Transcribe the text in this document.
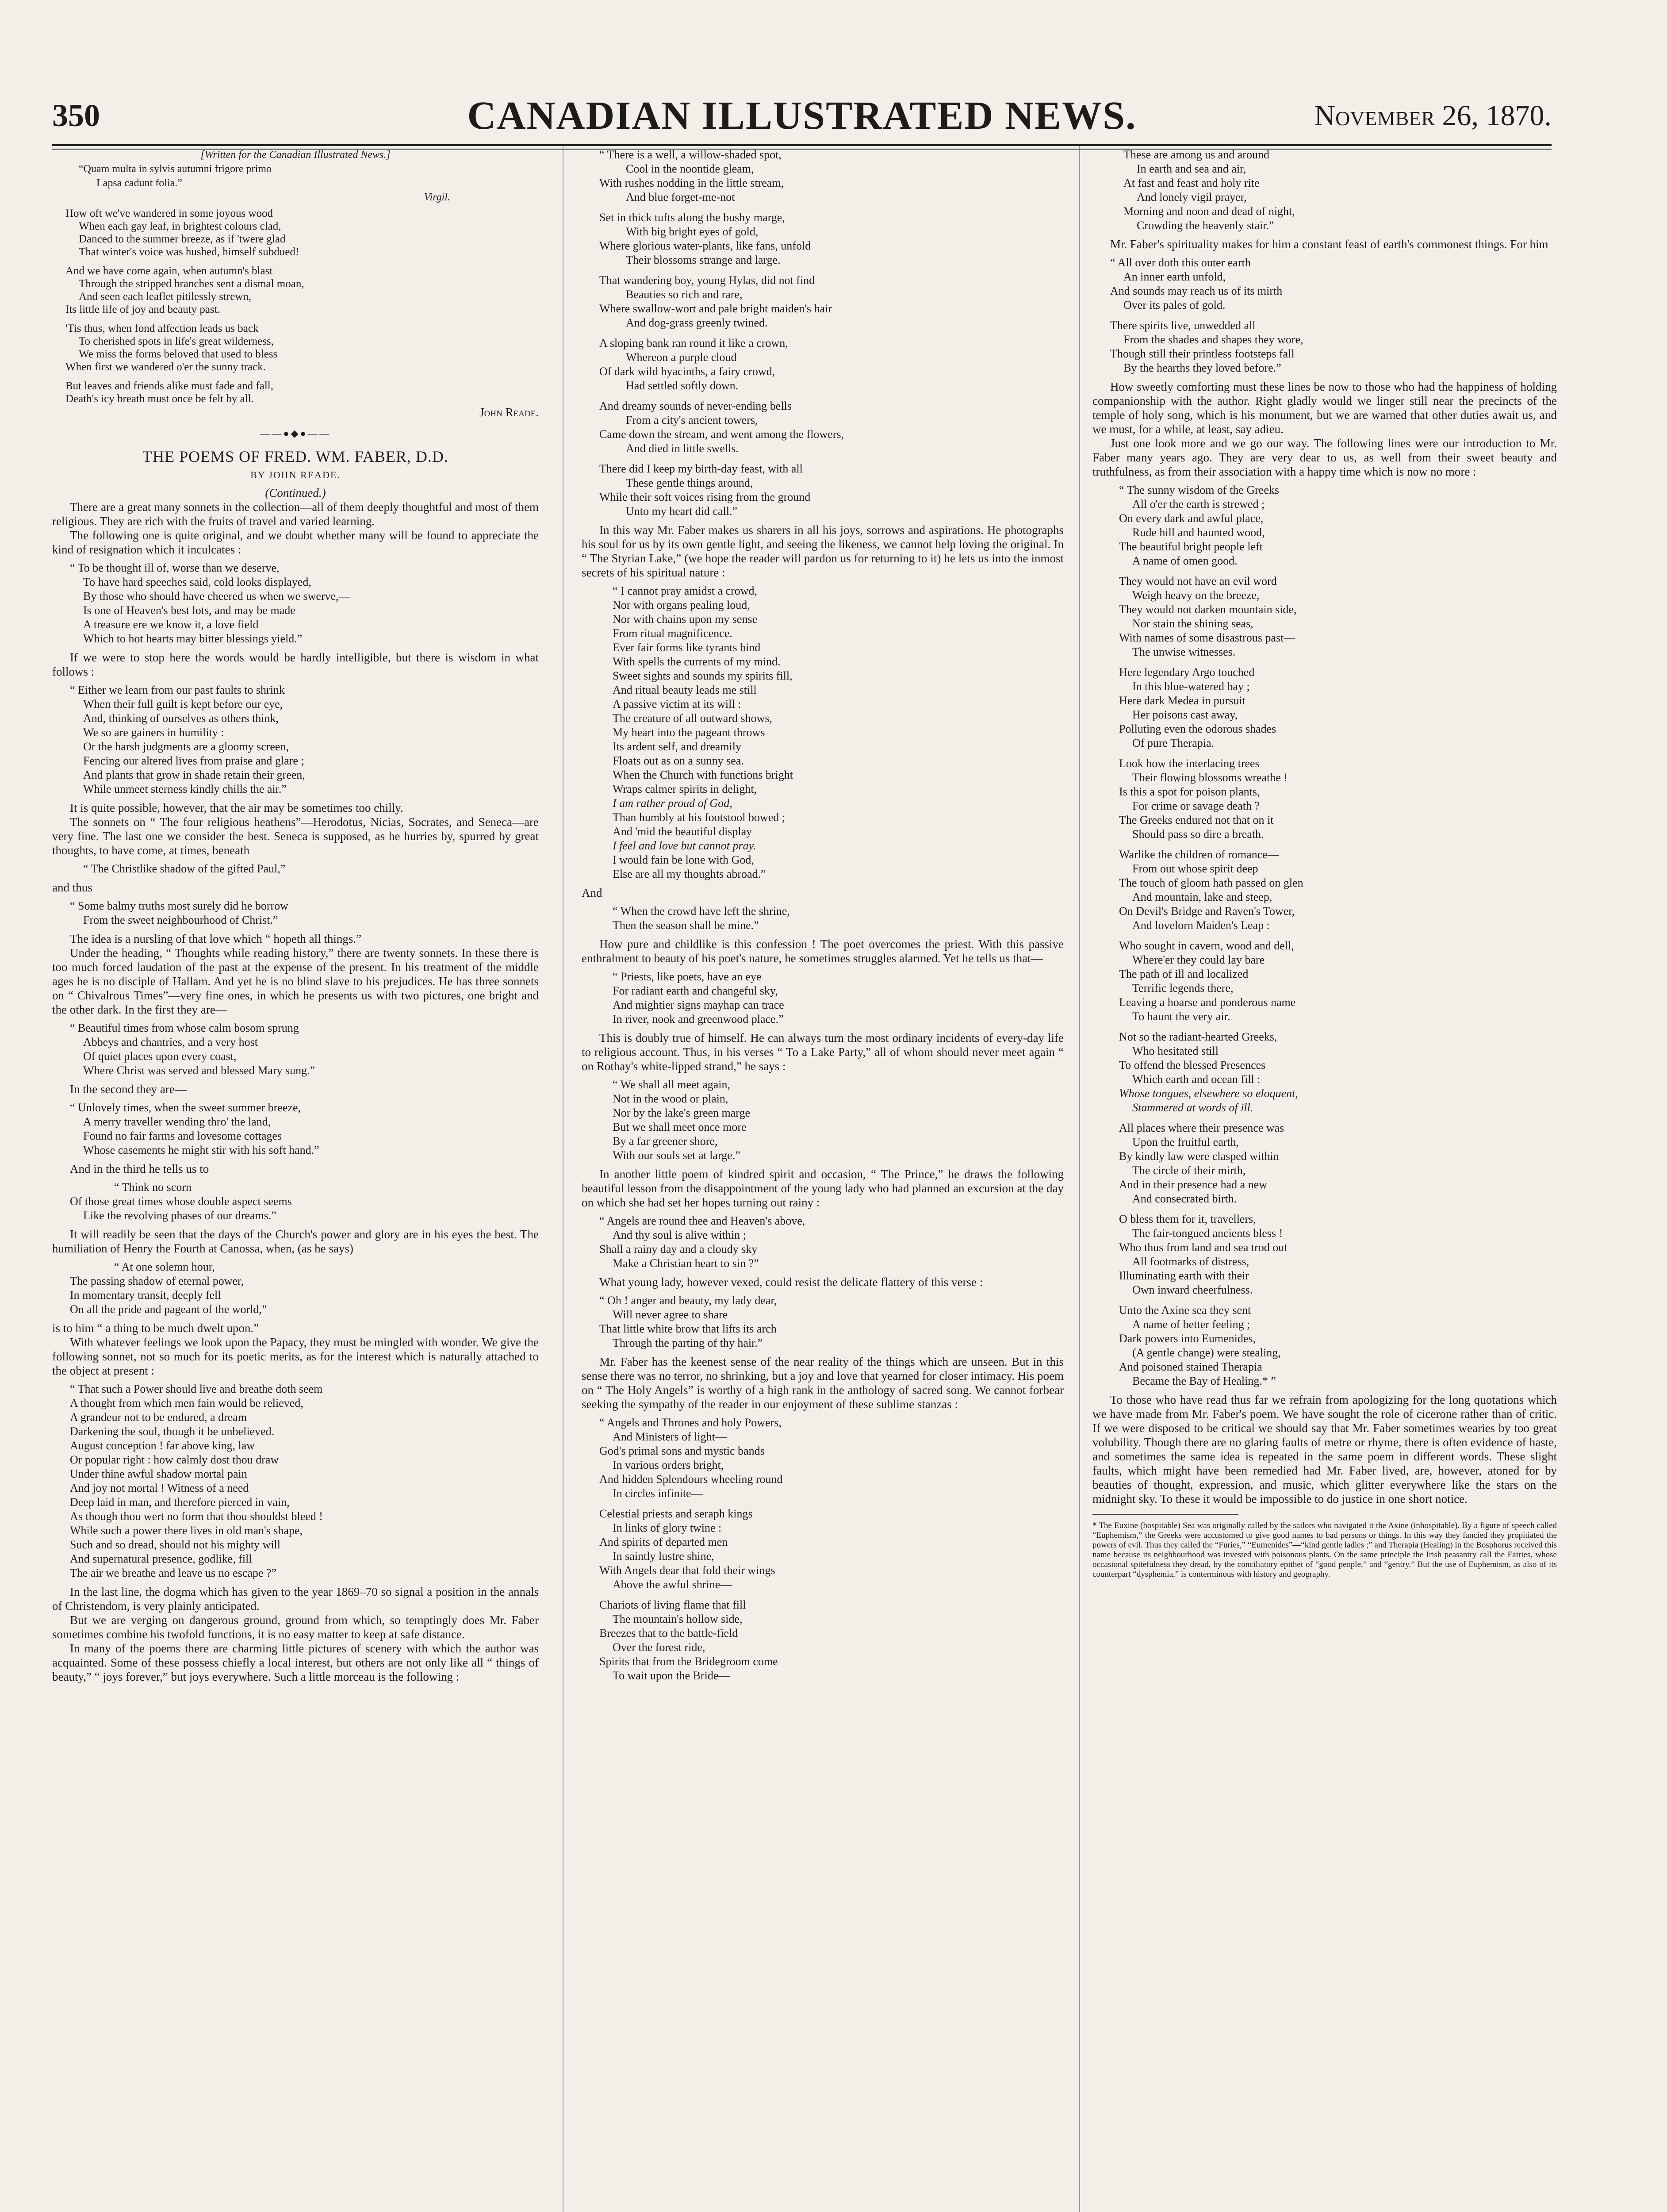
350	CANADIAN ILLUSTRATED NEWS.	November 26, 1870.
[Written for the Canadian Illustrated News.]
“Quam multa in sylvis autumni frigore primo
Lapsa cadunt folia.”
Virgil.
How oft we've wandered in some joyous wood
When each gay leaf, in brightest colours clad,
Danced to the summer breeze, as if 'twere glad
That winter's voice was hushed, himself subdued!
And we have come again, when autumn's blast
Through the stripped branches sent a dismal moan,
And seen each leaflet pitilessly strewn,
Its little life of joy and beauty past.
'Tis thus, when fond affection leads us back
To cherished spots in life's great wilderness,
We miss the forms beloved that used to bless
When first we wandered o'er the sunny track.
But leaves and friends alike must fade and fall,
Death's icy breath must once be felt by all.
John Reade.
——●◆●——
THE POEMS OF FRED. WM. FABER, D.D.
BY JOHN READE.
(Continued.)

There are a great many sonnets in the collection—all of them deeply thoughtful and most of them religious. They are rich with the fruits of travel and varied learning.

The following one is quite original, and we doubt whether many will be found to appreciate the kind of resignation which it inculcates :

“ To be thought ill of, worse than we deserve,
To have hard speeches said, cold looks displayed,
By those who should have cheered us when we swerve,—
Is one of Heaven's best lots, and may be made
A treasure ere we know it, a love field
Which to hot hearts may bitter blessings yield.”

If we were to stop here the words would be hardly intelligible, but there is wisdom in what follows :

“ Either we learn from our past faults to shrink
When their full guilt is kept before our eye,
And, thinking of ourselves as others think,
We so are gainers in humility :
Or the harsh judgments are a gloomy screen,
Fencing our altered lives from praise and glare ;
And plants that grow in shade retain their green,
While unmeet sterness kindly chills the air.”

It is quite possible, however, that the air may be sometimes too chilly.

The sonnets on “ The four religious heathens”—Herodotus, Nicias, Socrates, and Seneca—are very fine. The last one we consider the best. Seneca is supposed, as he hurries by, spurred by great thoughts, to have come, at times, beneath

“ The Christlike shadow of the gifted Paul,”
and thus
“ Some balmy truths most surely did he borrow
From the sweet neighbourhood of Christ.”

The idea is a nursling of that love which “ hopeth all things.”

Under the heading, “ Thoughts while reading history,” there are twenty sonnets. In these there is too much forced laudation of the past at the expense of the present. In his treatment of the middle ages he is no disciple of Hallam. And yet he is no blind slave to his prejudices. He has three sonnets on “ Chivalrous Times”—very fine ones, in which he presents us with two pictures, one bright and the other dark. In the first they are—

“ Beautiful times from whose calm bosom sprung
Abbeys and chantries, and a very host
Of quiet places upon every coast,
Where Christ was served and blessed Mary sung.”

In the second they are—

“ Unlovely times, when the sweet summer breeze,
A merry traveller wending thro' the land,
Found no fair farms and lovesome cottages
Whose casements he might stir with his soft hand.”

And in the third he tells us to

“ Think no scorn
Of those great times whose double aspect seems
Like the revolving phases of our dreams.”

It will readily be seen that the days of the Church's power and glory are in his eyes the best. The humiliation of Henry the Fourth at Canossa, when, (as he says)

“ At one solemn hour,
The passing shadow of eternal power,
In momentary transit, deeply fell
On all the pride and pageant of the world,”
is to him “ a thing to be much dwelt upon.”

With whatever feelings we look upon the Papacy, they must be mingled with wonder. We give the following sonnet, not so much for its poetic merits, as for the interest which is naturally attached to the object at present :

“ That such a Power should live and breathe doth seem
A thought from which men fain would be relieved,
A grandeur not to be endured, a dream
Darkening the soul, though it be unbelieved.
August conception ! far above king, law
Or popular right : how calmly dost thou draw
Under thine awful shadow mortal pain
And joy not mortal ! Witness of a need
Deep laid in man, and therefore pierced in vain,
As though thou wert no form that thou shouldst bleed !
While such a power there lives in old man's shape,
Such and so dread, should not his mighty will
And supernatural presence, godlike, fill
The air we breathe and leave us no escape ?”

In the last line, the dogma which has given to the year 1869–70 so signal a position in the annals of Christendom, is very plainly anticipated.

But we are verging on dangerous ground, ground from which, so temptingly does Mr. Faber sometimes combine his twofold functions, it is no easy matter to keep at safe distance.

In many of the poems there are charming little pictures of scenery with which the author was acquainted. Some of these possess chiefly a local interest, but others are not only like all “ things of beauty,” “ joys forever,” but joys everywhere. Such a little morceau is the following :

“ There is a well, a willow-shaded spot,
Cool in the noontide gleam,
With rushes nodding in the little stream,
And blue forget-me-not
Set in thick tufts along the bushy marge,
With big bright eyes of gold,
Where glorious water-plants, like fans, unfold
Their blossoms strange and large.
That wandering boy, young Hylas, did not find
Beauties so rich and rare,
Where swallow-wort and pale bright maiden's hair
And dog-grass greenly twined.
A sloping bank ran round it like a crown,
Whereon a purple cloud
Of dark wild hyacinths, a fairy crowd,
Had settled softly down.
And dreamy sounds of never-ending bells
From a city's ancient towers,
Came down the stream, and went among the flowers,
And died in little swells.
There did I keep my birth-day feast, with all
These gentle things around,
While their soft voices rising from the ground
Unto my heart did call.”

In this way Mr. Faber makes us sharers in all his joys, sorrows and aspirations. He photographs his soul for us by its own gentle light, and seeing the likeness, we cannot help loving the original. In “ The Styrian Lake,” (we hope the reader will pardon us for returning to it) he lets us into the inmost secrets of his spiritual nature :

“ I cannot pray amidst a crowd,
Nor with organs pealing loud,
Nor with chains upon my sense
From ritual magnificence.
Ever fair forms like tyrants bind
With spells the currents of my mind.
Sweet sights and sounds my spirits fill,
And ritual beauty leads me still
A passive victim at its will :
The creature of all outward shows,
My heart into the pageant throws
Its ardent self, and dreamily
Floats out as on a sunny sea.
When the Church with functions bright
Wraps calmer spirits in delight,
I am rather proud of God,
Than humbly at his footstool bowed ;
And 'mid the beautiful display
I feel and love but cannot pray.
I would fain be lone with God,
Else are all my thoughts abroad.”
And
“ When the crowd have left the shrine,
Then the season shall be mine.”

How pure and childlike is this confession ! The poet overcomes the priest. With this passive enthralment to beauty of his poet's nature, he sometimes struggles alarmed. Yet he tells us that—

“ Priests, like poets, have an eye
For radiant earth and changeful sky,
And mightier signs mayhap can trace
In river, nook and greenwood place.”

This is doubly true of himself. He can always turn the most ordinary incidents of every-day life to religious account. Thus, in his verses “ To a Lake Party,” all of whom should never meet again “ on Rothay's white-lipped strand,” he says :

“ We shall all meet again,
Not in the wood or plain,
Nor by the lake's green marge
But we shall meet once more
By a far greener shore,
With our souls set at large.”

In another little poem of kindred spirit and occasion, “ The Prince,” he draws the following beautiful lesson from the disappointment of the young lady who had planned an excursion at the day on which she had set her hopes turning out rainy :

“ Angels are round thee and Heaven's above,
And thy soul is alive within ;
Shall a rainy day and a cloudy sky
Make a Christian heart to sin ?”

What young lady, however vexed, could resist the delicate flattery of this verse :

“ Oh ! anger and beauty, my lady dear,
Will never agree to share
That little white brow that lifts its arch
Through the parting of thy hair.”

Mr. Faber has the keenest sense of the near reality of the things which are unseen. But in this sense there was no terror, no shrinking, but a joy and love that yearned for closer intimacy. His poem on “ The Holy Angels” is worthy of a high rank in the anthology of sacred song. We cannot forbear seeking the sympathy of the reader in our enjoyment of these sublime stanzas :

“ Angels and Thrones and holy Powers,
And Ministers of light—
God's primal sons and mystic bands
In various orders bright,
And hidden Splendours wheeling round
In circles infinite—
Celestial priests and seraph kings
In links of glory twine :
And spirits of departed men
In saintly lustre shine,
With Angels dear that fold their wings
Above the awful shrine—
Chariots of living flame that fill
The mountain's hollow side,
Breezes that to the battle-field
Over the forest ride,
Spirits that from the Bridegroom come
To wait upon the Bride—
These are among us and around
In earth and sea and air,
At fast and feast and holy rite
And lonely vigil prayer,
Morning and noon and dead of night,
Crowding the heavenly stair.”

Mr. Faber's spirituality makes for him a constant feast of earth's commonest things. For him

“ All over doth this outer earth
An inner earth unfold,
And sounds may reach us of its mirth
Over its pales of gold.
There spirits live, unwedded all
From the shades and shapes they wore,
Though still their printless footsteps fall
By the hearths they loved before.”

How sweetly comforting must these lines be now to those who had the happiness of holding companionship with the author. Right gladly would we linger still near the precincts of the temple of holy song, which is his monument, but we are warned that other duties await us, and we must, for a while, at least, say adieu.

Just one look more and we go our way. The following lines were our introduction to Mr. Faber many years ago. They are very dear to us, as well from their sweet beauty and truthfulness, as from their association with a happy time which is now no more :

“ The sunny wisdom of the Greeks
All o'er the earth is strewed ;
On every dark and awful place,
Rude hill and haunted wood,
The beautiful bright people left
A name of omen good.
They would not have an evil word
Weigh heavy on the breeze,
They would not darken mountain side,
Nor stain the shining seas,
With names of some disastrous past—
The unwise witnesses.
Here legendary Argo touched
In this blue-watered bay ;
Here dark Medea in pursuit
Her poisons cast away,
Polluting even the odorous shades
Of pure Therapia.
Look how the interlacing trees
Their flowing blossoms wreathe !
Is this a spot for poison plants,
For crime or savage death ?
The Greeks endured not that on it
Should pass so dire a breath.
Warlike the children of romance—
From out whose spirit deep
The touch of gloom hath passed on glen
And mountain, lake and steep,
On Devil's Bridge and Raven's Tower,
And lovelorn Maiden's Leap :
Who sought in cavern, wood and dell,
Where'er they could lay bare
The path of ill and localized
Terrific legends there,
Leaving a hoarse and ponderous name
To haunt the very air.
Not so the radiant-hearted Greeks,
Who hesitated still
To offend the blessed Presences
Which earth and ocean fill :
Whose tongues, elsewhere so eloquent,
Stammered at words of ill.
All places where their presence was
Upon the fruitful earth,
By kindly law were clasped within
The circle of their mirth,
And in their presence had a new
And consecrated birth.
O bless them for it, travellers,
The fair-tongued ancients bless !
Who thus from land and sea trod out
All footmarks of distress,
Illuminating earth with their
Own inward cheerfulness.
Unto the Axine sea they sent
A name of better feeling ;
Dark powers into Eumenides,
(A gentle change) were stealing,
And poisoned stained Therapia
Became the Bay of Healing.* ”

To those who have read thus far we refrain from apologizing for the long quotations which we have made from Mr. Faber's poem. We have sought the role of cicerone rather than of critic. If we were disposed to be critical we should say that Mr. Faber sometimes wearies by too great volubility. Though there are no glaring faults of metre or rhyme, there is often evidence of haste, and sometimes the same idea is repeated in the same poem in different words. These slight faults, which might have been remedied had Mr. Faber lived, are, however, atoned for by beauties of thought, expression, and music, which glitter everywhere like the stars on the midnight sky. To these it would be impossible to do justice in one short notice.

* The Euxine (hospitable) Sea was originally called by the sailors who navigated it the Axine (inhospitable). By a figure of speech called “Euphemism,” the Greeks were accustomed to give good names to bad persons or things. In this way they fancied they propitiated the powers of evil. Thus they called the “Furies,” “Eumenides”—“kind gentle ladies ;” and Therapia (Healing) in the Bosphorus received this name because its neighbourhood was invested with poisonous plants. On the same principle the Irish peasantry call the Fairies, whose occasional spitefulness they dread, by the conciliatory epithet of “good people,” and “gentry.” But the use of Euphemism, as also of its counterpart “dysphemia,” is conterminous with history and geography.
